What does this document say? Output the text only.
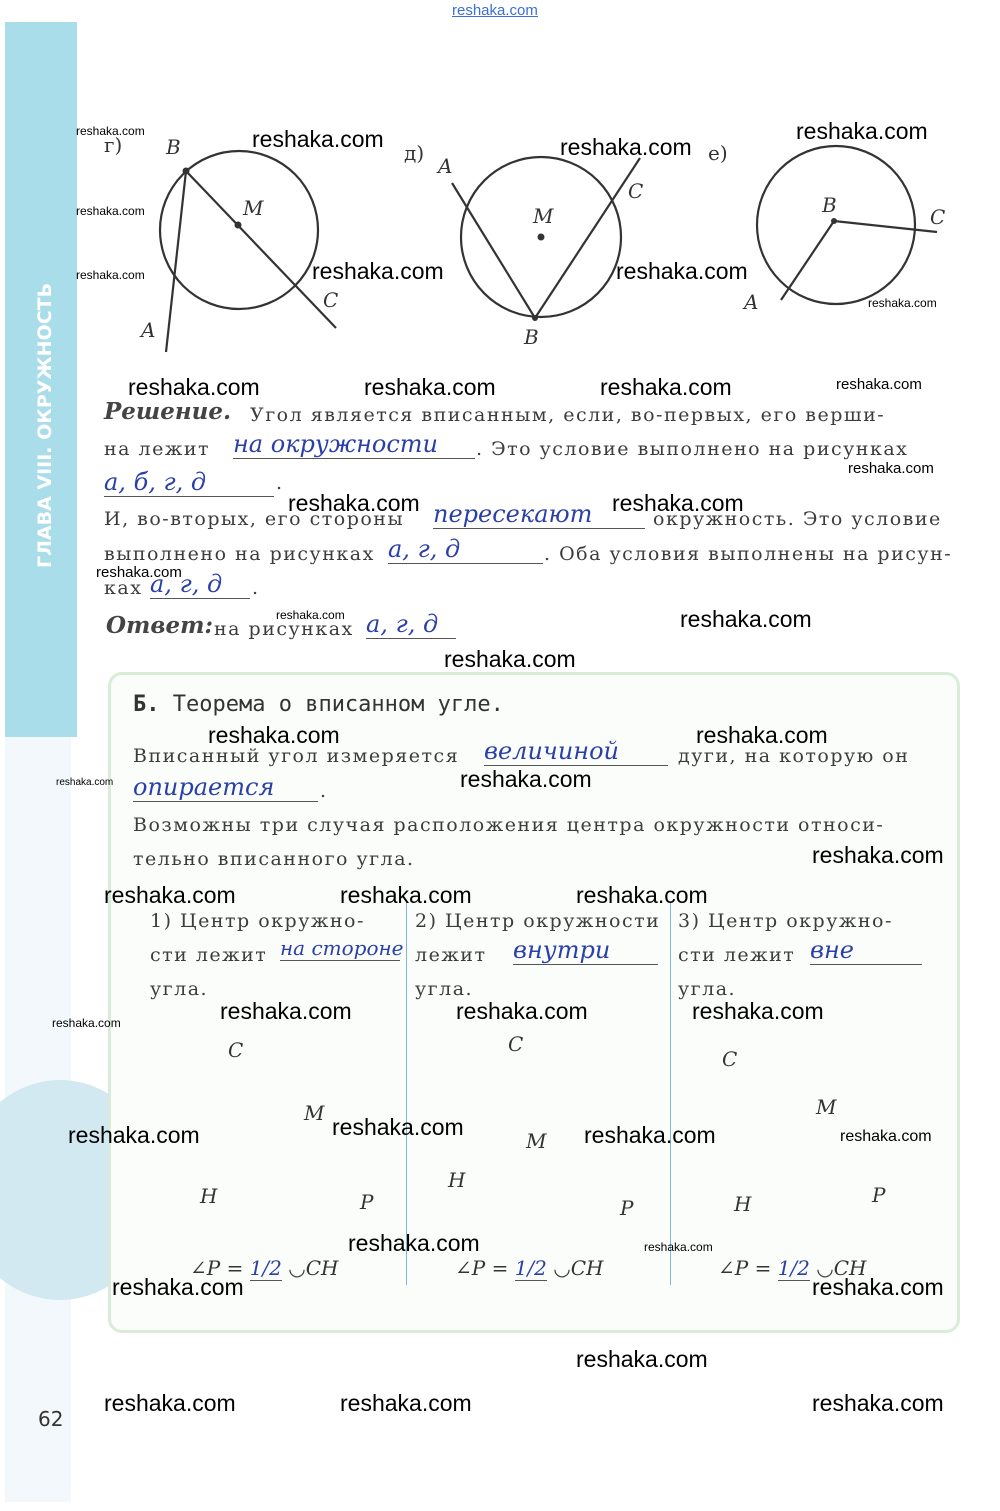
ГЛАВА VIII. ОКРУЖНОСТЬ
reshaka.com
г) B
M
C
A
д)
A
M
C
B
е)
B	C
A
Решение. Угол является вписанным, если, во-первых, его верши-
на лежит на окружности	. Это условие выполнено на рисунках
а, б, г, д	.
И, во-вторых, его стороны пересекают	окружность. Это условие
выполнено на рисунках а, г, д	. Оба условия выполнены на рисун-
ках а, г, д	.
Ответ: на рисунках а, г, д
Б. Теорема о вписанном угле.
Вписанный угол измеряется величиной	дуги, на которую он
опирается	.
Возможны три случая расположения центра окружности относи-
тельно вписанного угла.
1) Центр окружно-
сти лежит на стороне
угла.
2) Центр окружности
лежит внутри
угла.
3) Центр окружно-
сти лежит вне
угла.
C
M
H	P
C
M
H
P
C
M
H	P
∠P = 1/2 ◡CH	∠P = 1/2 ◡CH	∠P = 1/2 ◡CH
62
reshaka.com
reshaka.com
reshaka.com
reshaka.com	reshaka.com
reshaka.com
reshaka.com	reshaka.com
reshaka.com
reshaka.com	reshaka.com	reshaka.com	reshaka.com
reshaka.com
reshaka.com	reshaka.com
reshaka.com
reshaka.com	reshaka.com
reshaka.com
reshaka.com	reshaka.com
reshaka.com
reshaka.com
reshaka.com
reshaka.com	reshaka.com	reshaka.com
reshaka.com	reshaka.com	reshaka.com
reshaka.com
reshaka.com	reshaka.com	reshaka.com	reshaka.com
reshaka.com	reshaka.com
reshaka.com	reshaka.com
reshaka.com
reshaka.com	reshaka.com	reshaka.com
